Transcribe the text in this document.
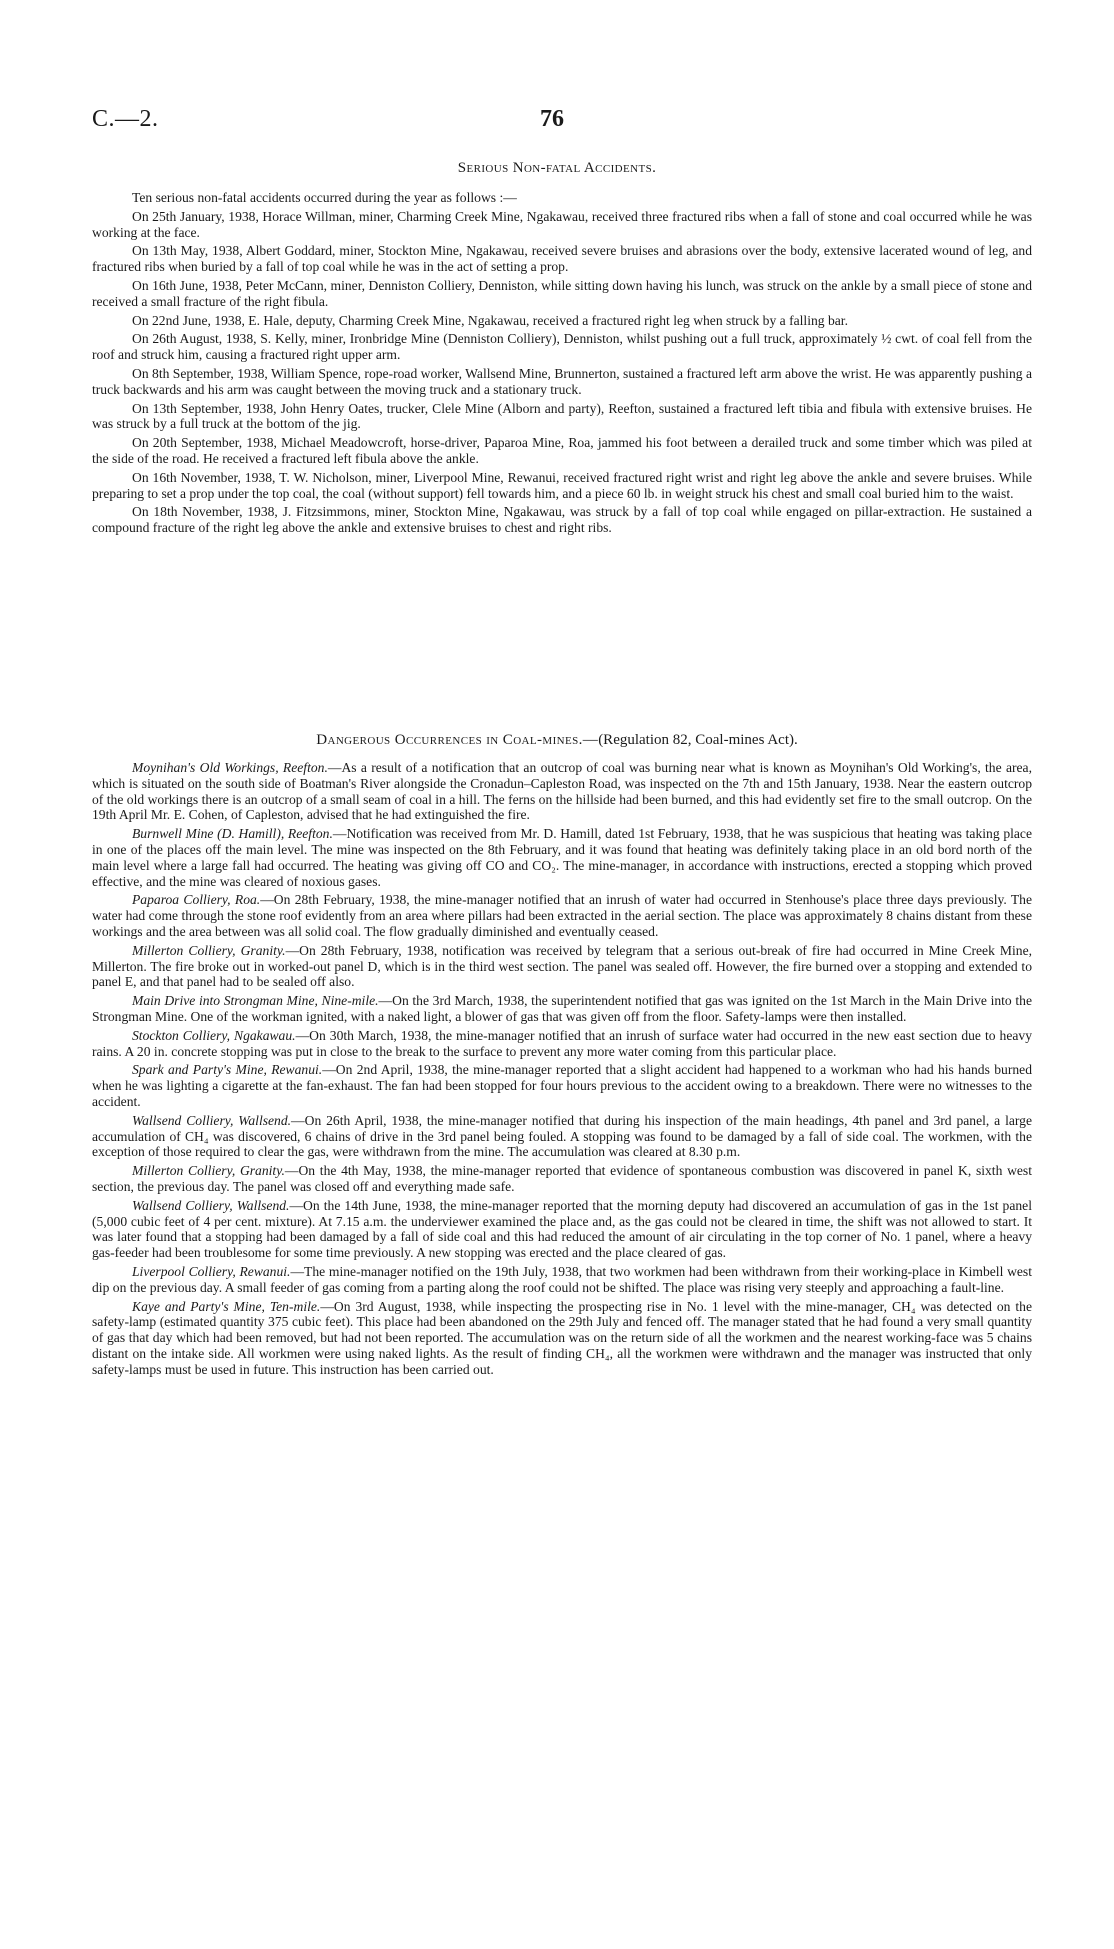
C.—2.	76
Serious Non-fatal Accidents.

Ten serious non-fatal accidents occurred during the year as follows :—

On 25th January, 1938, Horace Willman, miner, Charming Creek Mine, Ngakawau, received three fractured ribs when a fall of stone and coal occurred while he was working at the face.

On 13th May, 1938, Albert Goddard, miner, Stockton Mine, Ngakawau, received severe bruises and abrasions over the body, extensive lacerated wound of leg, and fractured ribs when buried by a fall of top coal while he was in the act of setting a prop.

On 16th June, 1938, Peter McCann, miner, Denniston Colliery, Denniston, while sitting down having his lunch, was struck on the ankle by a small piece of stone and received a small fracture of the right fibula.

On 22nd June, 1938, E. Hale, deputy, Charming Creek Mine, Ngakawau, received a fractured right leg when struck by a falling bar.

On 26th August, 1938, S. Kelly, miner, Ironbridge Mine (Denniston Colliery), Denniston, whilst pushing out a full truck, approximately ½ cwt. of coal fell from the roof and struck him, causing a fractured right upper arm.

On 8th September, 1938, William Spence, rope-road worker, Wallsend Mine, Brunnerton, sustained a fractured left arm above the wrist. He was apparently pushing a truck backwards and his arm was caught between the moving truck and a stationary truck.

On 13th September, 1938, John Henry Oates, trucker, Clele Mine (Alborn and party), Reefton, sustained a fractured left tibia and fibula with extensive bruises. He was struck by a full truck at the bottom of the jig.

On 20th September, 1938, Michael Meadowcroft, horse-driver, Paparoa Mine, Roa, jammed his foot between a derailed truck and some timber which was piled at the side of the road. He received a fractured left fibula above the ankle.

On 16th November, 1938, T. W. Nicholson, miner, Liverpool Mine, Rewanui, received fractured right wrist and right leg above the ankle and severe bruises. While preparing to set a prop under the top coal, the coal (without support) fell towards him, and a piece 60 lb. in weight struck his chest and small coal buried him to the waist.

On 18th November, 1938, J. Fitzsimmons, miner, Stockton Mine, Ngakawau, was struck by a fall of top coal while engaged on pillar-extraction. He sustained a compound fracture of the right leg above the ankle and extensive bruises to chest and right ribs.

Dangerous Occurrences in Coal-mines.—(Regulation 82, Coal-mines Act).

Moynihan's Old Workings, Reefton.—As a result of a notification that an outcrop of coal was burning near what is known as Moynihan's Old Working's, the area, which is situated on the south side of Boatman's River alongside the Cronadun–Capleston Road, was inspected on the 7th and 15th January, 1938. Near the eastern outcrop of the old workings there is an outcrop of a small seam of coal in a hill. The ferns on the hillside had been burned, and this had evidently set fire to the small outcrop. On the 19th April Mr. E. Cohen, of Capleston, advised that he had extinguished the fire.

Burnwell Mine (D. Hamill), Reefton.—Notification was received from Mr. D. Hamill, dated 1st February, 1938, that he was suspicious that heating was taking place in one of the places off the main level. The mine was inspected on the 8th February, and it was found that heating was definitely taking place in an old bord north of the main level where a large fall had occurred. The heating was giving off CO and CO₂. The mine-manager, in accordance with instructions, erected a stopping which proved effective, and the mine was cleared of noxious gases.

Paparoa Colliery, Roa.—On 28th February, 1938, the mine-manager notified that an inrush of water had occurred in Stenhouse's place three days previously. The water had come through the stone roof evidently from an area where pillars had been extracted in the aerial section. The place was approximately 8 chains distant from these workings and the area between was all solid coal. The flow gradually diminished and eventually ceased.

Millerton Colliery, Granity.—On 28th February, 1938, notification was received by telegram that a serious out-break of fire had occurred in Mine Creek Mine, Millerton. The fire broke out in worked-out panel D, which is in the third west section. The panel was sealed off. However, the fire burned over a stopping and extended to panel E, and that panel had to be sealed off also.

Main Drive into Strongman Mine, Nine-mile.—On the 3rd March, 1938, the superintendent notified that gas was ignited on the 1st March in the Main Drive into the Strongman Mine. One of the workman ignited, with a naked light, a blower of gas that was given off from the floor. Safety-lamps were then installed.

Stockton Colliery, Ngakawau.—On 30th March, 1938, the mine-manager notified that an inrush of surface water had occurred in the new east section due to heavy rains. A 20 in. concrete stopping was put in close to the break to the surface to prevent any more water coming from this particular place.

Spark and Party's Mine, Rewanui.—On 2nd April, 1938, the mine-manager reported that a slight accident had happened to a workman who had his hands burned when he was lighting a cigarette at the fan-exhaust. The fan had been stopped for four hours previous to the accident owing to a breakdown. There were no witnesses to the accident.

Wallsend Colliery, Wallsend.—On 26th April, 1938, the mine-manager notified that during his inspection of the main headings, 4th panel and 3rd panel, a large accumulation of CH₄ was discovered, 6 chains of drive in the 3rd panel being fouled. A stopping was found to be damaged by a fall of side coal. The workmen, with the exception of those required to clear the gas, were withdrawn from the mine. The accumulation was cleared at 8.30 p.m.

Millerton Colliery, Granity.—On the 4th May, 1938, the mine-manager reported that evidence of spontaneous combustion was discovered in panel K, sixth west section, the previous day. The panel was closed off and everything made safe.

Wallsend Colliery, Wallsend.—On the 14th June, 1938, the mine-manager reported that the morning deputy had discovered an accumulation of gas in the 1st panel (5,000 cubic feet of 4 per cent. mixture). At 7.15 a.m. the underviewer examined the place and, as the gas could not be cleared in time, the shift was not allowed to start. It was later found that a stopping had been damaged by a fall of side coal and this had reduced the amount of air circulating in the top corner of No. 1 panel, where a heavy gas-feeder had been troublesome for some time previously. A new stopping was erected and the place cleared of gas.

Liverpool Colliery, Rewanui.—The mine-manager notified on the 19th July, 1938, that two workmen had been withdrawn from their working-place in Kimbell west dip on the previous day. A small feeder of gas coming from a parting along the roof could not be shifted. The place was rising very steeply and approaching a fault-line.

Kaye and Party's Mine, Ten-mile.—On 3rd August, 1938, while inspecting the prospecting rise in No. 1 level with the mine-manager, CH₄ was detected on the safety-lamp (estimated quantity 375 cubic feet). This place had been abandoned on the 29th July and fenced off. The manager stated that he had found a very small quantity of gas that day which had been removed, but had not been reported. The accumulation was on the return side of all the workmen and the nearest working-face was 5 chains distant on the intake side. All workmen were using naked lights. As the result of finding CH₄, all the workmen were withdrawn and the manager was instructed that only safety-lamps must be used in future. This instruction has been carried out.
